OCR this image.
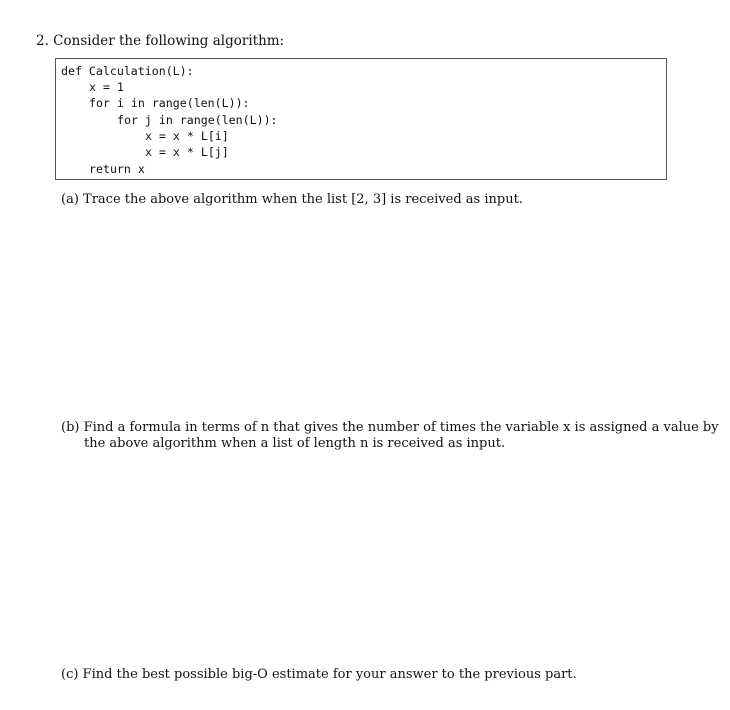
2. Consider the following algorithm:
def Calculation(L):
x = 1
for i in range(len(L)):
for j in range(len(L)):
x = x * L[i]
x = x * L[j]
return x
(a) Trace the above algorithm when the list [2, 3] is received as input.
(b) Find a formula in terms of n that gives the number of times the variable x is assigned a value by
the above algorithm when a list of length n is received as input.
(c) Find the best possible big-O estimate for your answer to the previous part.
